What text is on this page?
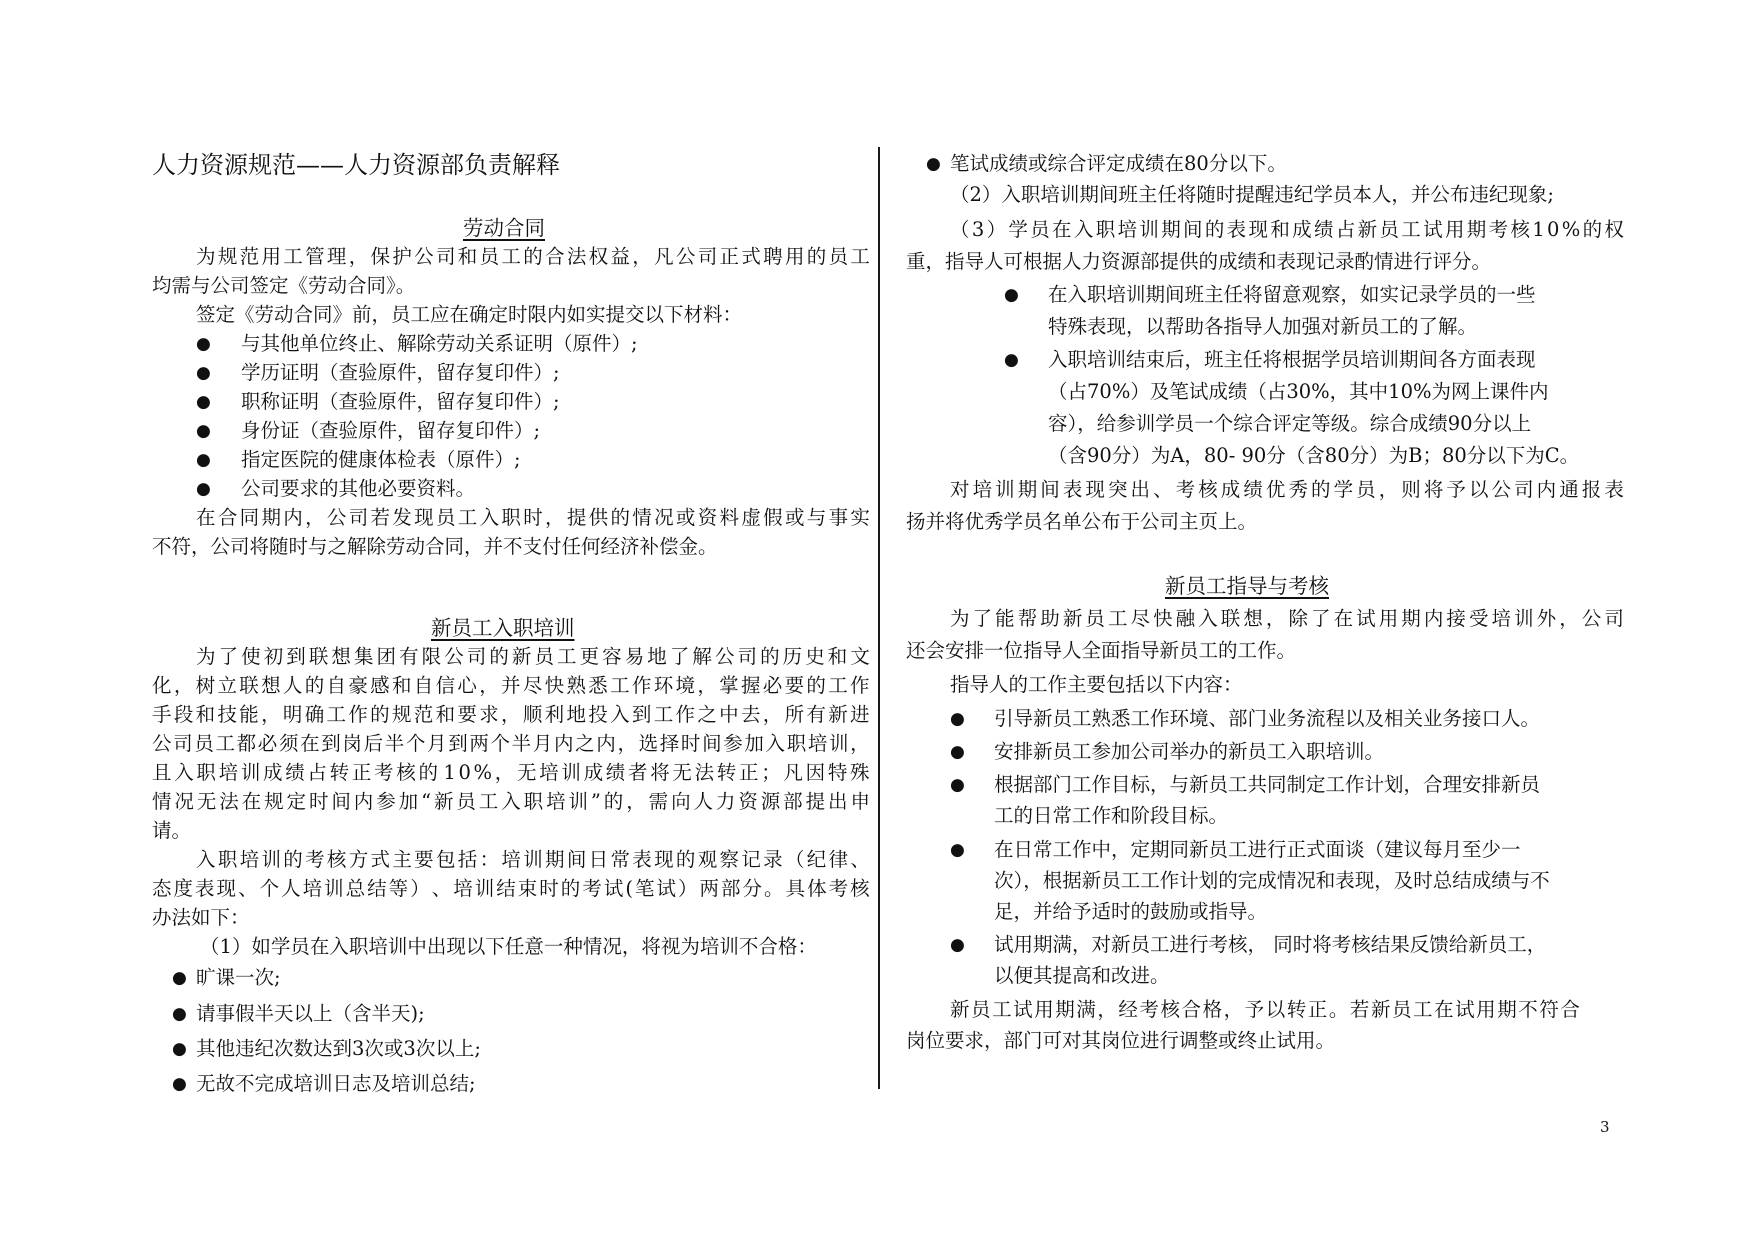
人力资源规范——人力资源部负责解释
劳动合同
为 规 范 用 工 管 理 ， 保 护 公 司 和 员 工 的 合 法 权 益 ， 凡 公 司 正 式 聘 用 的 员 工
均需与公司签定《劳动合同》。
签定《劳动合同》前，员工应在确定时限内如实提交以下材料：
● 与其他单位终止、解除劳动关系证明（原件）;
● 学历证明（查验原件，留存复印件）;
● 职称证明（查验原件，留存复印件）;
● 身份证（查验原件，留存复印件）;
● 指定医院的健康体检表（原件）;
● 公司要求的其他必要资料。
在 合 同 期 内 ， 公 司 若 发 现 员 工 入 职 时 ， 提 供 的 情 况 或 资 料 虚 假 或 与 事 实
不符，公司将随时与之解除劳动合同，并不支付任何经济补偿金。
新员工入职培训
为 了 使 初 到 联 想 集 团 有 限 公 司 的 新 员 工 更 容 易 地 了 解 公 司 的 历 史 和 文
化 ， 树 立 联 想 人 的 自 豪 感 和 自 信 心 ， 并 尽 快 熟 悉 工 作 环 境 ， 掌 握 必 要 的 工 作
手 段 和 技 能 ， 明 确 工 作 的 规 范 和 要 求 ， 顺 利 地 投 入 到 工 作 之 中 去 ， 所 有 新 进
公 司 员 工 都 必 须 在 到 岗 后 半 个 月 到 两 个 半 月 内 之 内 ， 选 择 时 间 参 加 入 职 培 训 ，
且 入 职 培 训 成 绩 占 转 正 考 核 的 1 0 % ， 无 培 训 成 绩 者 将 无 法 转 正 ； 凡 因 特 殊
情 况 无 法 在 规 定 时 间 内 参 加 “ 新 员 工 入 职 培 训 ” 的 ， 需 向 人 力 资 源 部 提 出 申
请。
入 职 培 训 的 考 核 方 式 主 要 包 括 ： 培 训 期 间 日 常 表 现 的 观 察 记 录 （ 纪 律 、
态 度 表 现 、 个 人 培 训 总 结 等 ） 、 培 训 结 束 时 的 考 试 ( 笔 试 ） 两 部 分 。 具 体 考 核
办法如下：
（1）如学员在入职培训中出现以下任意一种情况，将视为培训不合格：
● 旷课一次;
● 请事假半天以上（含半天);
● 其他违纪次数达到3次或3次以上;
● 无故不完成培训日志及培训总结;
● 笔试成绩或综合评定成绩在80分以下。
（2）入职培训期间班主任将随时提醒违纪学员本人，并公布违纪现象;
（ 3 ） 学 员 在 入 职 培 训 期 间 的 表 现 和 成 绩 占 新 员 工 试 用 期 考 核 1 0 % 的 权
重，指导人可根据人力资源部提供的成绩和表现记录酌情进行评分。
● 在入职培训期间班主任将留意观察，如实记录学员的一些
特殊表现，以帮助各指导人加强对新员工的了解。
● 入职培训结束后，班主任将根据学员培训期间各方面表现
（占70%）及笔试成绩（占30%，其中10%为网上课件内
容），给参训学员一个综合评定等级。综合成绩90分以上
（含90分）为A，80- 90分（含80分）为B；80分以下为C。
对 培 训 期 间 表 现 突 出 、 考 核 成 绩 优 秀 的 学 员 ， 则 将 予 以 公 司 内 通 报 表
扬并将优秀学员名单公布于公司主页上。
新员工指导与考核
为 了 能 帮 助 新 员 工 尽 快 融 入 联 想 ， 除 了 在 试 用 期 内 接 受 培 训 外 ， 公 司
还会安排一位指导人全面指导新员工的工作。
指导人的工作主要包括以下内容：
● 引导新员工熟悉工作环境、部门业务流程以及相关业务接口人。
● 安排新员工参加公司举办的新员工入职培训。
● 根据部门工作目标，与新员工共同制定工作计划，合理安排新员
工的日常工作和阶段目标。
● 在日常工作中，定期同新员工进行正式面谈（建议每月至少一
次），根据新员工工作计划的完成情况和表现，及时总结成绩与不
足，并给予适时的鼓励或指导。
● 试用期满，对新员工进行考核， 同时将考核结果反馈给新员工，
以便其提高和改进。
新 员 工 试 用 期 满 ， 经 考 核 合 格 ， 予 以 转 正 。 若 新 员 工 在 试 用 期 不 符 合
岗位要求，部门可对其岗位进行调整或终止试用。
3
